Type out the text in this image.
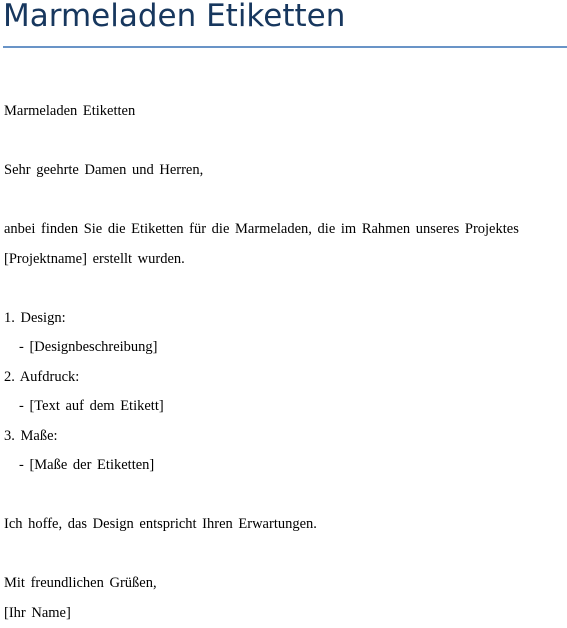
Marmeladen Etiketten
Marmeladen Etiketten
Sehr geehrte Damen und Herren,
anbei finden Sie die Etiketten für die Marmeladen, die im Rahmen unseres Projektes
[Projektname] erstellt wurden.
1. Design:
- [Designbeschreibung]
2. Aufdruck:
- [Text auf dem Etikett]
3. Maße:
- [Maße der Etiketten]
Ich hoffe, das Design entspricht Ihren Erwartungen.
Mit freundlichen Grüßen,
[Ihr Name]
